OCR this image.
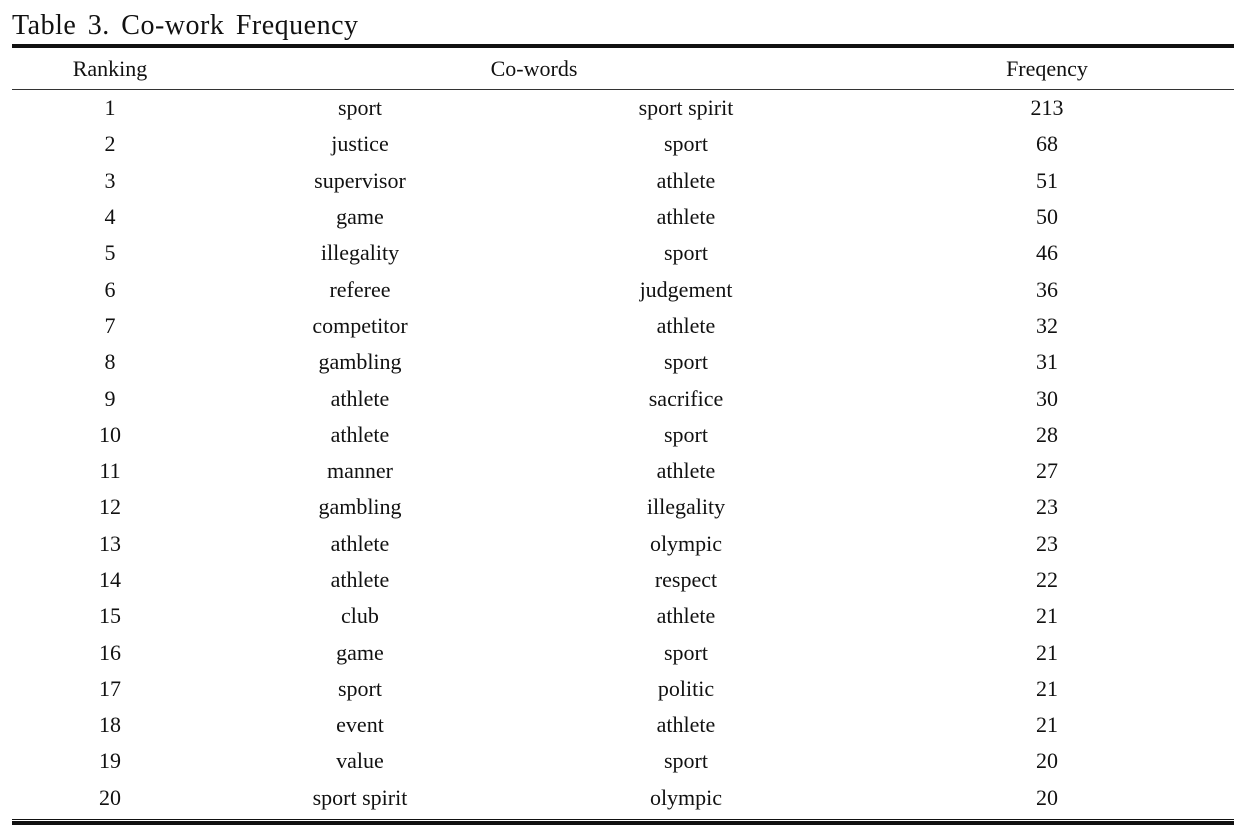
Table 3. Co-work Frequency
Ranking	Co-words		Freqency
1	sport	sport spirit	213
2	justice	sport	68
3	supervisor	athlete	51
4	game	athlete	50
5	illegality	sport	46
6	referee	judgement	36
7	competitor	athlete	32
8	gambling	sport	31
9	athlete	sacrifice	30
10	athlete	sport	28
11	manner	athlete	27
12	gambling	illegality	23
13	athlete	olympic	23
14	athlete	respect	22
15	club	athlete	21
16	game	sport	21
17	sport	politic	21
18	event	athlete	21
19	value	sport	20
20	sport spirit	olympic	20
